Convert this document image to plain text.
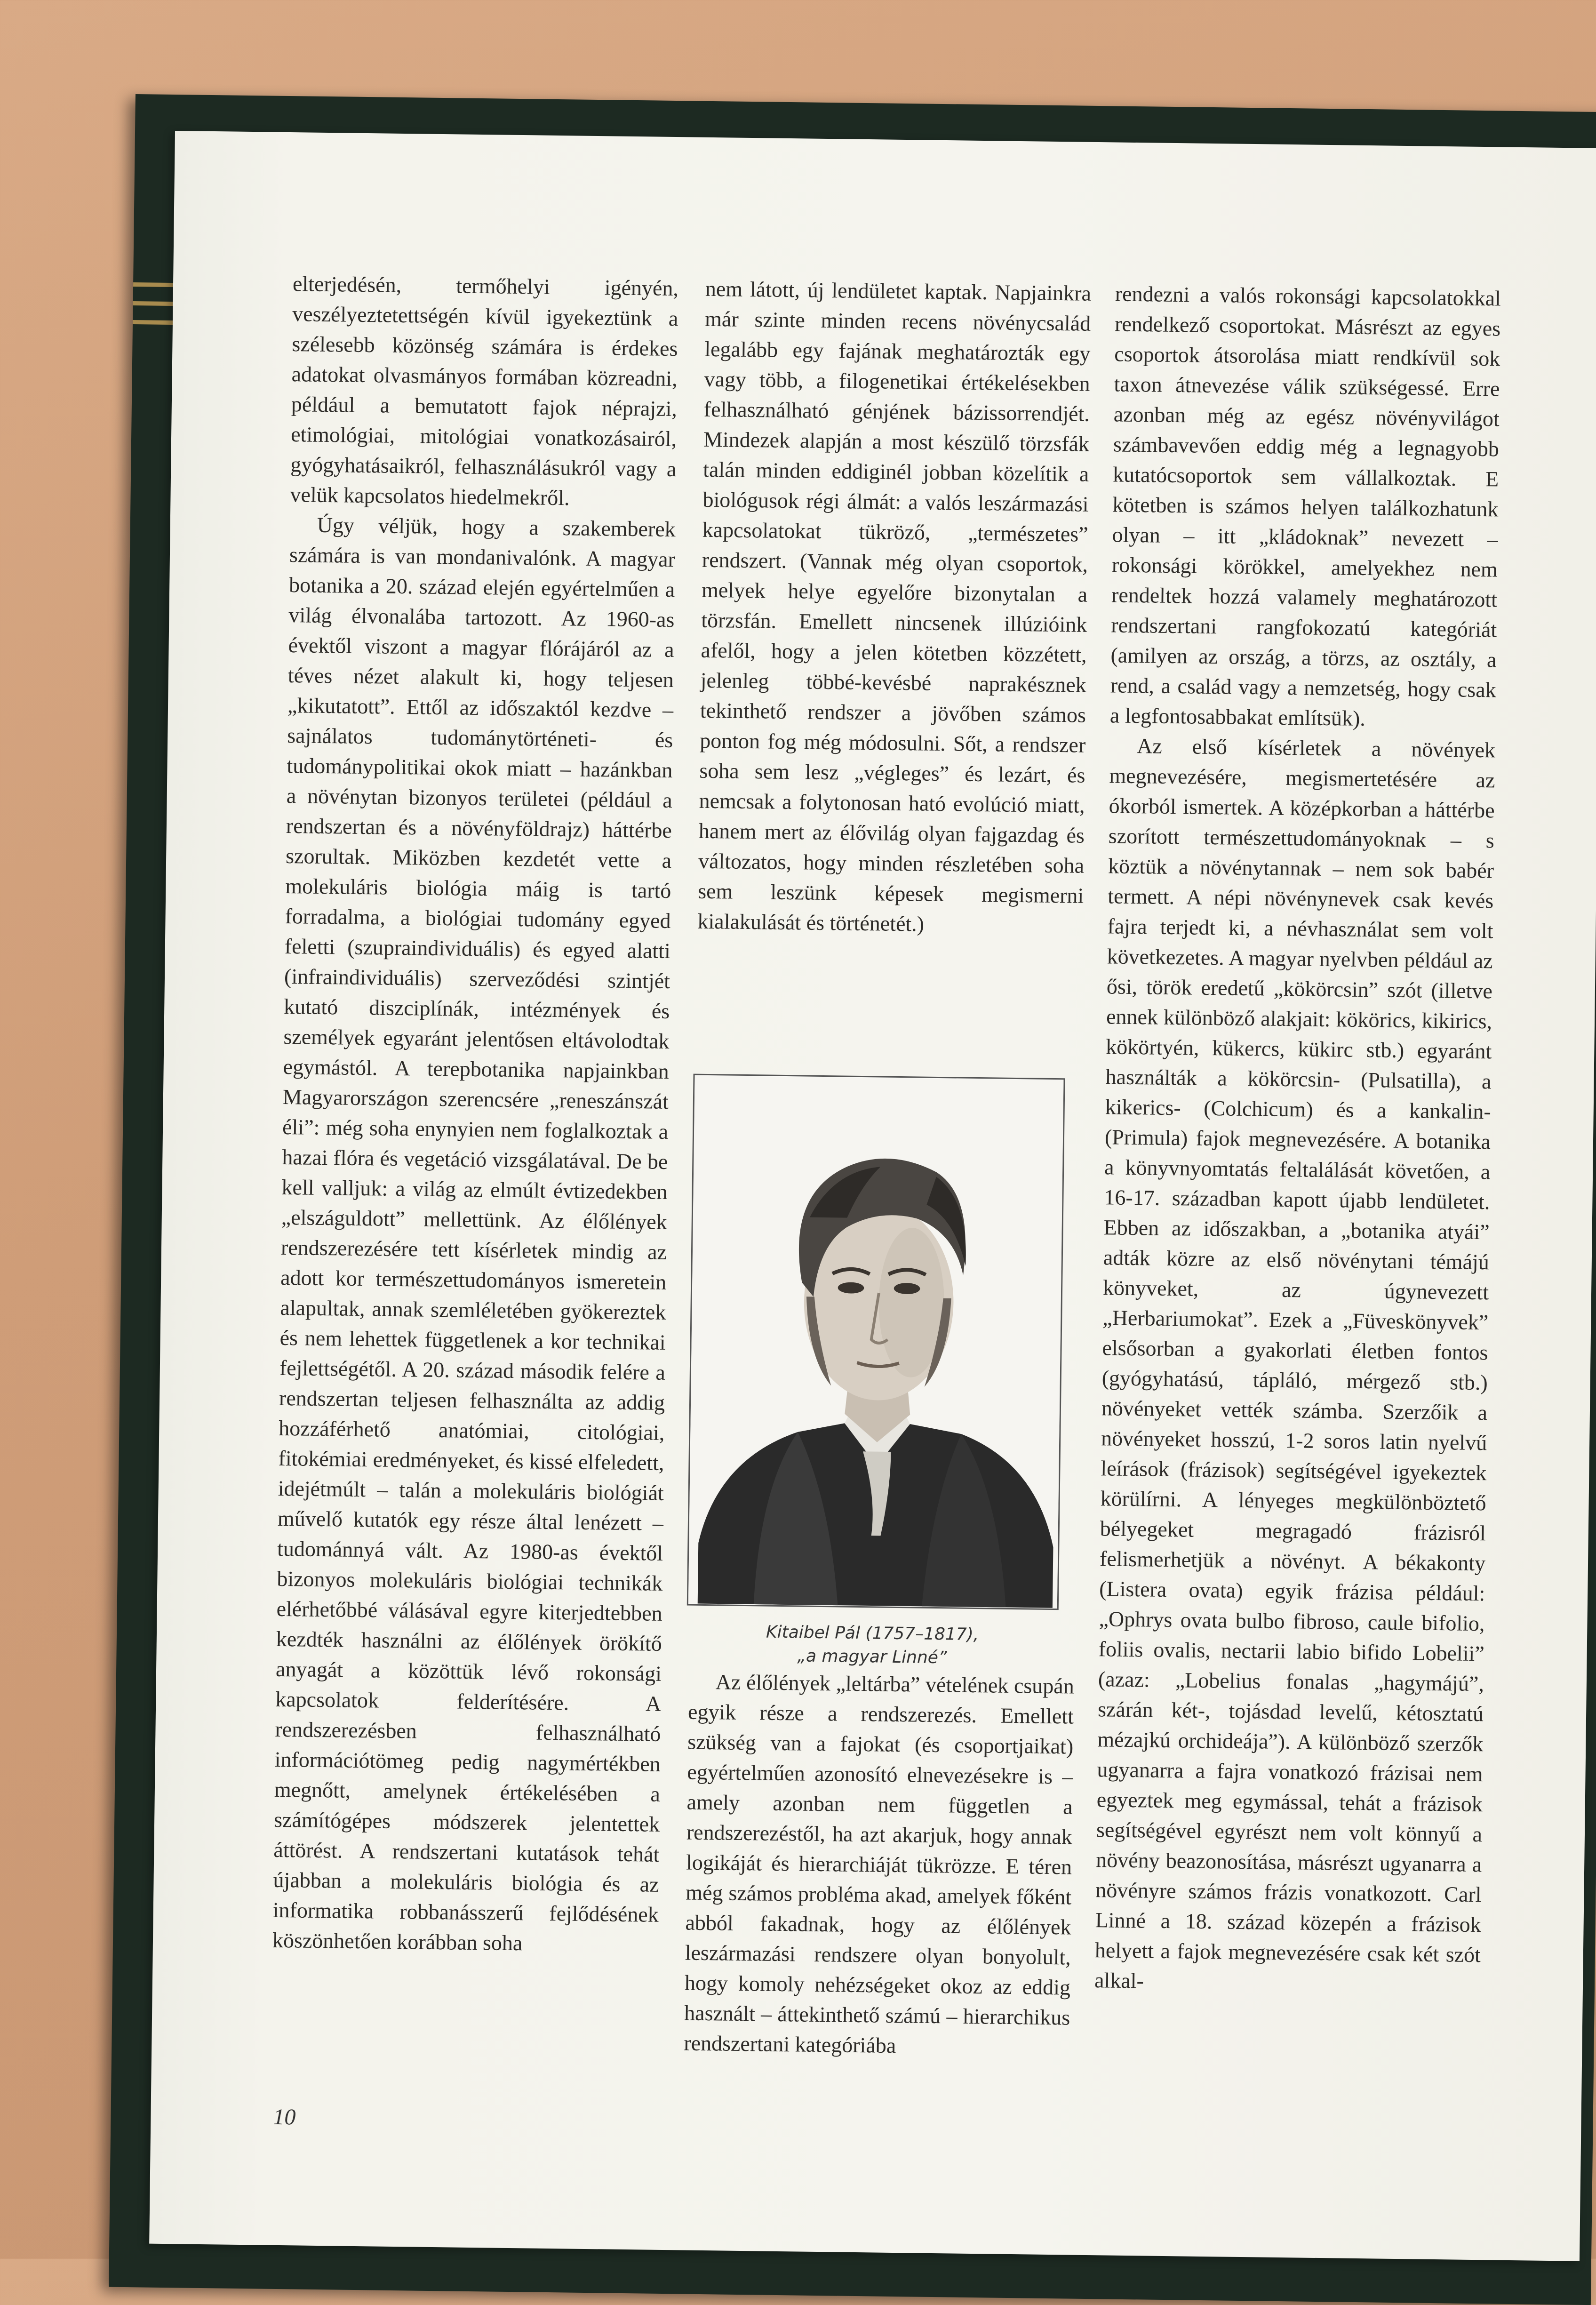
elterjedésén, termőhelyi igényén, veszélyeztetettségén kívül igyekeztünk a szélesebb közönség számára is érdekes adatokat olvasmányos formában közreadni, például a bemutatott fajok néprajzi, etimológiai, mitológiai vonatkozásairól, gyógyhatásaikról, felhasználásukról vagy a velük kapcsolatos hiedelmekről.

Úgy véljük, hogy a szakemberek számára is van mondanivalónk. A magyar botanika a 20. század elején egyértelműen a világ élvonalába tartozott. Az 1960-as évektől viszont a magyar flórájáról az a téves nézet alakult ki, hogy teljesen „kikutatott”. Ettől az időszaktól kezdve – sajnálatos tudománytörténeti- és tudománypolitikai okok miatt – hazánkban a növénytan bizonyos területei (például a rendszertan és a növényföldrajz) háttérbe szorultak. Miközben kezdetét vette a molekuláris biológia máig is tartó forradalma, a biológiai tudomány egyed feletti (szupraindividuális) és egyed alatti (infraindividuális) szerveződési szintjét kutató diszciplínák, intézmények és személyek egyaránt jelentősen eltávolodtak egymástól. A terepbotanika napjainkban Magyarországon szerencsére „reneszánszát éli”: még soha enynyien nem foglalkoztak a hazai flóra és vegetáció vizsgálatával. De be kell valljuk: a világ az elmúlt évtizedekben „elszáguldott” mellettünk. Az élőlények rendszerezésére tett kísérletek mindig az adott kor természettudományos ismeretein alapultak, annak szemléletében gyökereztek és nem lehettek függetlenek a kor technikai fejlettségétől. A 20. század második felére a rendszertan teljesen felhasználta az addig hozzáférhető anatómiai, citológiai, fitokémiai eredményeket, és kissé elfeledett, idejétmúlt – talán a molekuláris biológiát művelő kutatók egy része által lenézett – tudománnyá vált. Az 1980-as évektől bizonyos molekuláris biológiai technikák elérhetőbbé válásával egyre kiterjedtebben kezdték használni az élőlények örökítő anyagát a közöttük lévő rokonsági kapcsolatok felderítésére. A rendszerezésben felhasználható információtömeg pedig nagymértékben megnőtt, amelynek értékelésében a számítógépes módszerek jelentettek áttörést. A rendszertani kutatások tehát újabban a molekuláris biológia és az informatika robbanásszerű fejlődésének köszönhetően korábban soha

nem látott, új lendületet kaptak. Napjainkra már szinte minden recens növénycsalád legalább egy fajának meghatározták egy vagy több, a filogenetikai értékelésekben felhasználható génjének bázissorrendjét. Mindezek alapján a most készülő törzsfák talán minden eddiginél jobban közelítik a biológusok régi álmát: a valós leszármazási kapcsolatokat tükröző, „természetes” rendszert. (Vannak még olyan csoportok, melyek helye egyelőre bizonytalan a törzsfán. Emellett nincsenek illúzióink afelől, hogy a jelen kötetben közzétett, jelenleg többé-kevésbé naprakésznek tekinthető rendszer a jövőben számos ponton fog még módosulni. Sőt, a rendszer soha sem lesz „végleges” és lezárt, és nemcsak a folytonosan ható evolúció miatt, hanem mert az élővilág olyan fajgazdag és változatos, hogy minden részletében soha sem leszünk képesek megismerni kialakulását és történetét.)

Kitaibel Pál (1757–1817),
„a magyar Linné”

Az élőlények „leltárba” vételének csupán egyik része a rendszerezés. Emellett szükség van a fajokat (és csoportjaikat) egyértelműen azonosító elnevezésekre is – amely azonban nem független a rendszerezéstől, ha azt akarjuk, hogy annak logikáját és hierarchiáját tükrözze. E téren még számos probléma akad, amelyek főként abból fakadnak, hogy az élőlények leszármazási rendszere olyan bonyolult, hogy komoly nehézségeket okoz az eddig használt – áttekinthető számú – hierarchikus rendszertani kategóriába

rendezni a valós rokonsági kapcsolatokkal rendelkező csoportokat. Másrészt az egyes csoportok átsorolása miatt rendkívül sok taxon átnevezése válik szükségessé. Erre azonban még az egész növényvilágot számbavevően eddig még a legnagyobb kutatócsoportok sem vállalkoztak. E kötetben is számos helyen találkozhatunk olyan – itt „kládoknak” nevezett – rokonsági körökkel, amelyekhez nem rendeltek hozzá valamely meghatározott rendszertani rangfokozatú kategóriát (amilyen az ország, a törzs, az osztály, a rend, a család vagy a nemzetség, hogy csak a legfontosabbakat említsük).

Az első kísérletek a növények megnevezésére, megismertetésére az ókorból ismertek. A középkorban a háttérbe szorított természettudományoknak – s köztük a növénytannak – nem sok babér termett. A népi növénynevek csak kevés fajra terjedt ki, a névhasználat sem volt következetes. A magyar nyelvben például az ősi, török eredetű „kökörcsin” szót (illetve ennek különböző alakjait: kökörics, kikirics, kökörtyén, kükercs, kükirc stb.) egyaránt használták a kökörcsin- (Pulsatilla), a kikerics- (Colchicum) és a kankalin- (Primula) fajok megnevezésére. A botanika a könyvnyomtatás feltalálását követően, a 16-17. században kapott újabb lendületet. Ebben az időszakban, a „botanika atyái” adták közre az első növénytani témájú könyveket, az úgynevezett „Herbariumokat”. Ezek a „Füveskönyvek” elsősorban a gyakorlati életben fontos (gyógyhatású, tápláló, mérgező stb.) növényeket vették számba. Szerzőik a növényeket hosszú, 1-2 soros latin nyelvű leírások (frázisok) segítségével igyekeztek körülírni. A lényeges megkülönböztető bélyegeket megragadó frázisról felismerhetjük a növényt. A békakonty (Listera ovata) egyik frázisa például: „Ophrys ovata bulbo fibroso, caule bifolio, foliis ovalis, nectarii labio bifido Lobelii” (azaz: „Lobelius fonalas „hagymájú”, szárán két-, tojásdad levelű, kétosztatú mézajkú orchideája”). A különböző szerzők ugyanarra a fajra vonatkozó frázisai nem egyeztek meg egymással, tehát a frázisok segítségével egyrészt nem volt könnyű a növény beazonosítása, másrészt ugyanarra a növényre számos frázis vonatkozott. Carl Linné a 18. század közepén a frázisok helyett a fajok megnevezésére csak két szót alkal-

10
